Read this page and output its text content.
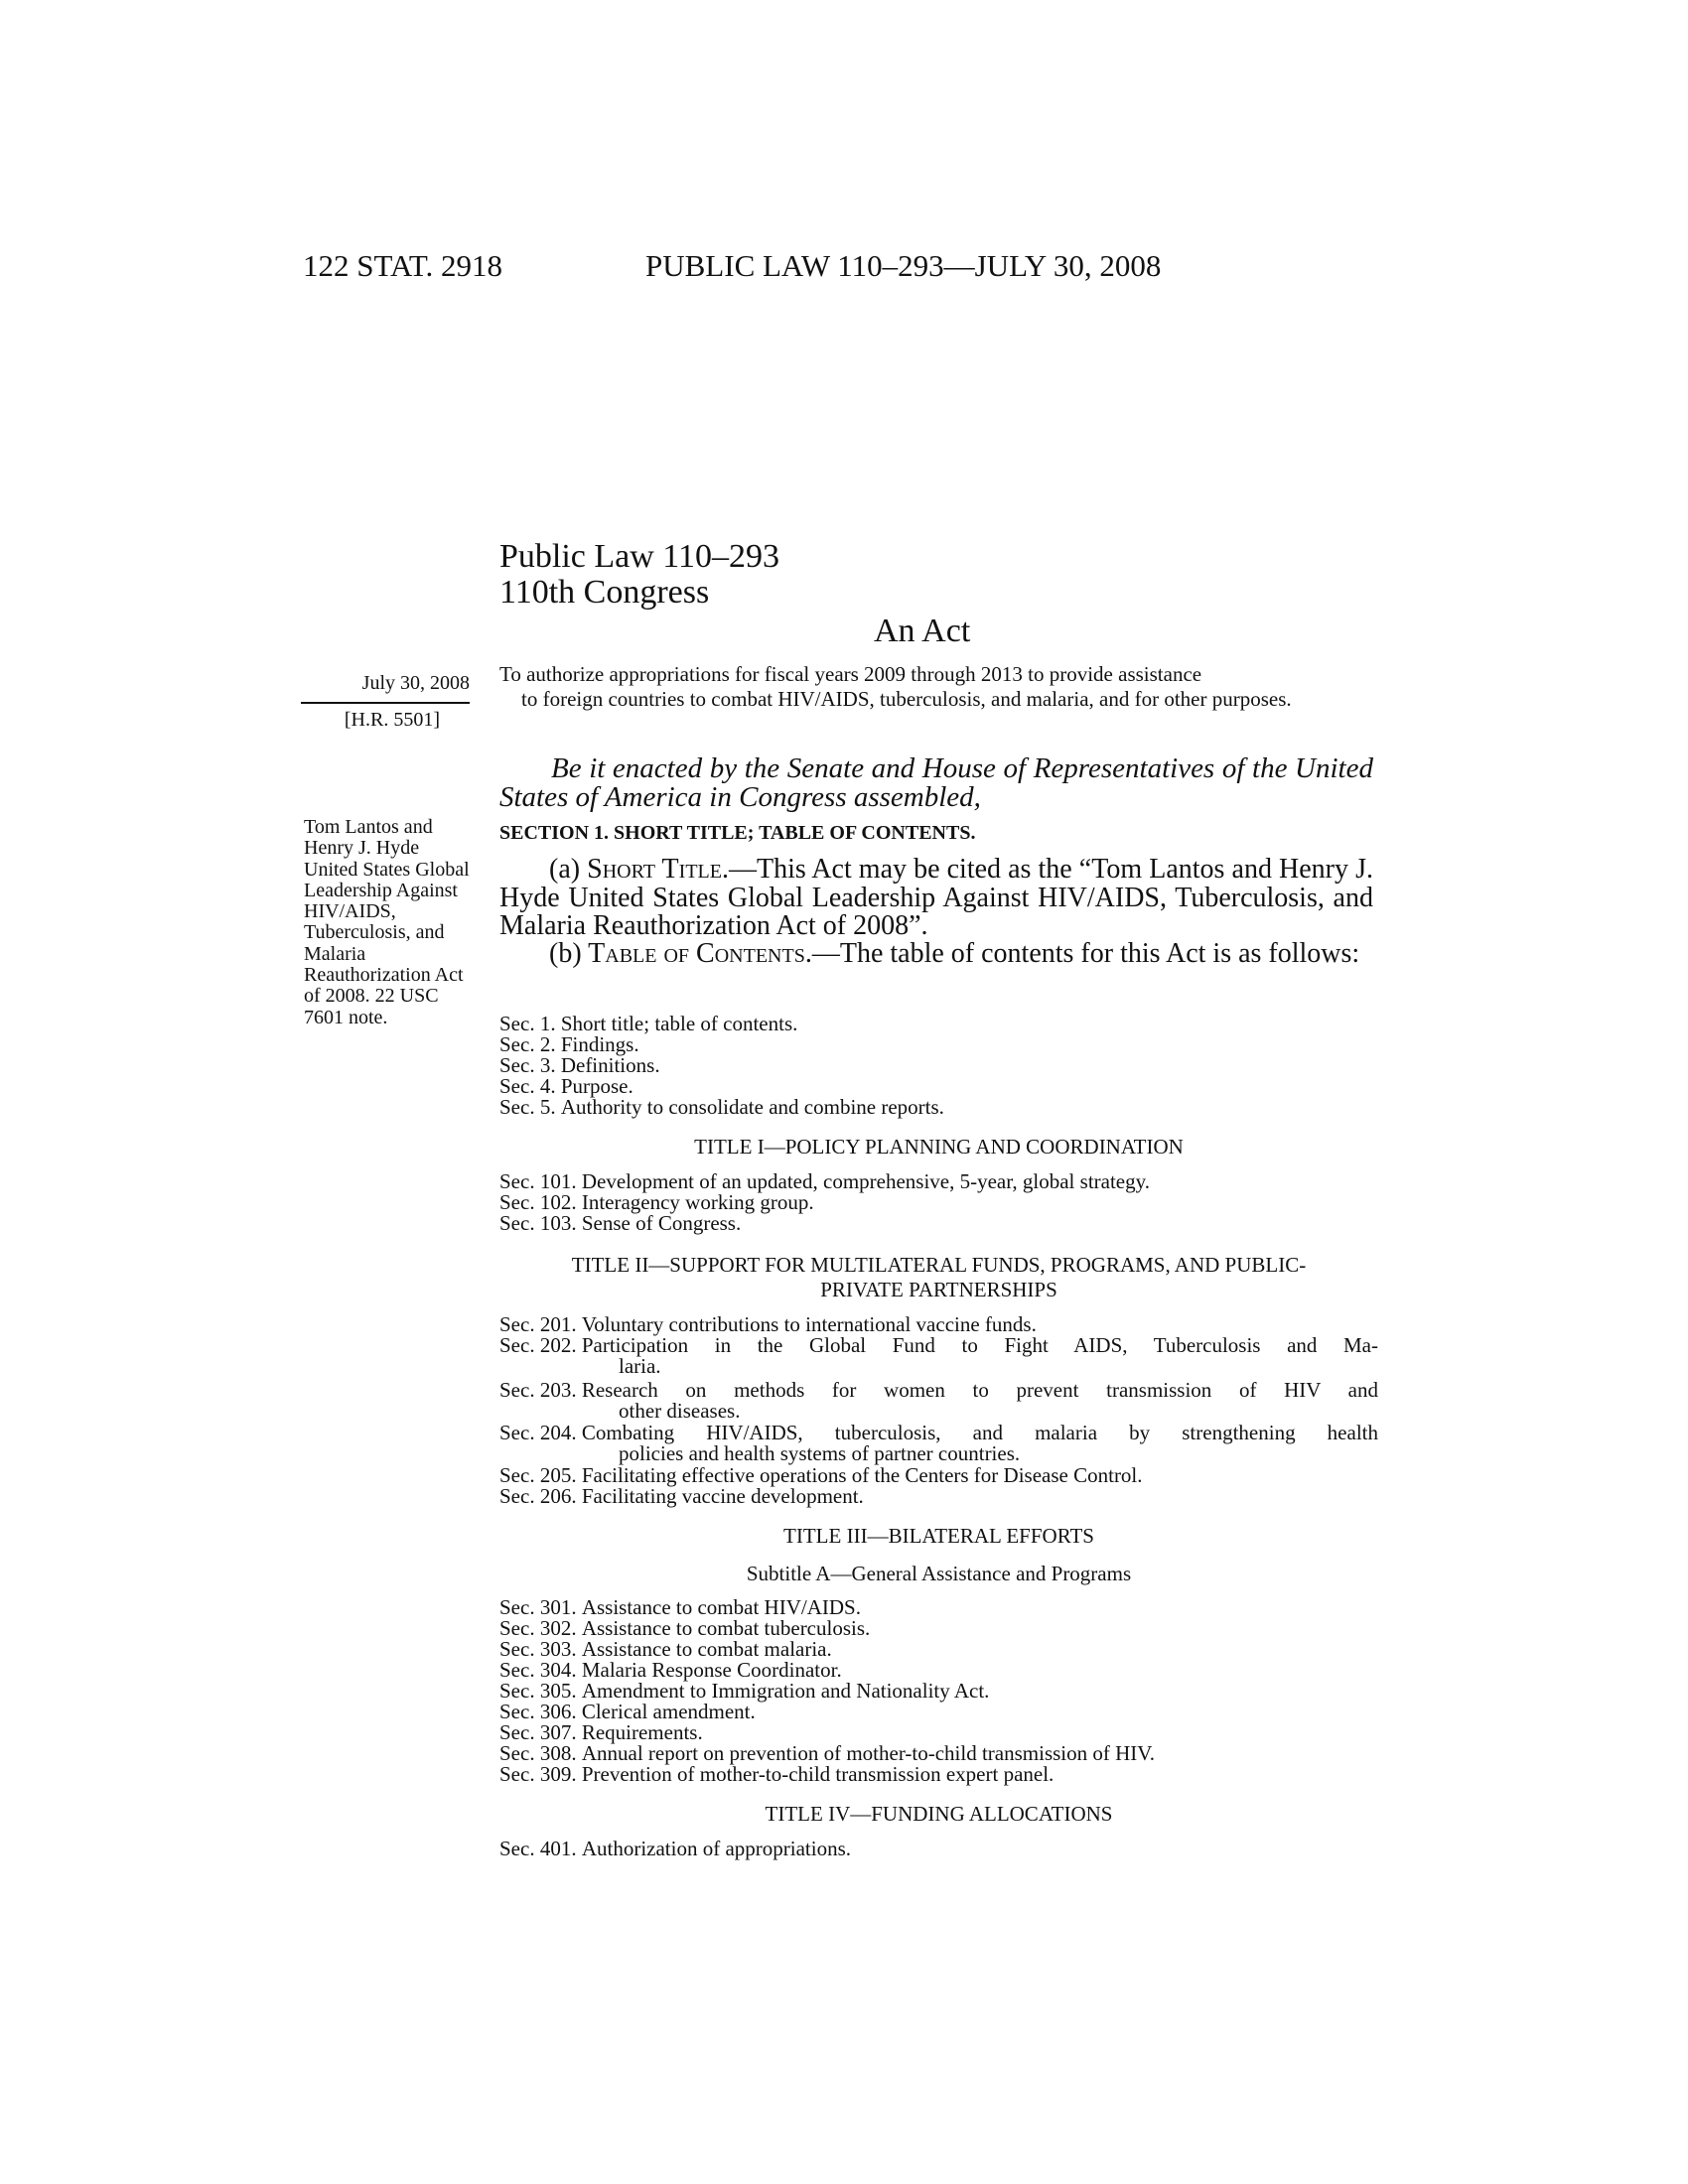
122 STAT. 2918	PUBLIC LAW 110–293—JULY 30, 2008
Public Law 110–293
110th Congress
An Act
July 30, 2008
[H.R. 5501]
Tom Lantos and Henry J. Hyde United States Global Leadership Against HIV/AIDS, Tuberculosis, and Malaria Reauthorization Act of 2008. 22 USC 7601 note.
To authorize appropriations for fiscal years 2009 through 2013 to provide assistance
to foreign countries to combat HIV/AIDS, tuberculosis, and malaria, and for other purposes.
Be it enacted by the Senate and House of Representatives of the United States of America in Congress assembled,
SECTION 1. SHORT TITLE; TABLE OF CONTENTS.
(a) Short Title.—This Act may be cited as the “Tom Lantos and Henry J. Hyde United States Global Leadership Against HIV/AIDS, Tuberculosis, and Malaria Reauthorization Act of 2008”.
(b) Table of Contents.—The table of contents for this Act is as follows:
Sec. 1. Short title; table of contents.
Sec. 2. Findings.
Sec. 3. Definitions.
Sec. 4. Purpose.
Sec. 5. Authority to consolidate and combine reports.
TITLE I—POLICY PLANNING AND COORDINATION
Sec. 101. Development of an updated, comprehensive, 5-year, global strategy.
Sec. 102. Interagency working group.
Sec. 103. Sense of Congress.
TITLE II—SUPPORT FOR MULTILATERAL FUNDS, PROGRAMS, AND PUBLIC-
PRIVATE PARTNERSHIPS
Sec. 201. Voluntary contributions to international vaccine funds.
Sec. 202. Participation in the Global Fund to Fight AIDS, Tuberculosis and Ma-
laria.
Sec. 203. Research on methods for women to prevent transmission of HIV and
other diseases.
Sec. 204. Combating HIV/AIDS, tuberculosis, and malaria by strengthening health
policies and health systems of partner countries.
Sec. 205. Facilitating effective operations of the Centers for Disease Control.
Sec. 206. Facilitating vaccine development.
TITLE III—BILATERAL EFFORTS
Subtitle A—General Assistance and Programs
Sec. 301. Assistance to combat HIV/AIDS.
Sec. 302. Assistance to combat tuberculosis.
Sec. 303. Assistance to combat malaria.
Sec. 304. Malaria Response Coordinator.
Sec. 305. Amendment to Immigration and Nationality Act.
Sec. 306. Clerical amendment.
Sec. 307. Requirements.
Sec. 308. Annual report on prevention of mother-to-child transmission of HIV.
Sec. 309. Prevention of mother-to-child transmission expert panel.
TITLE IV—FUNDING ALLOCATIONS
Sec. 401. Authorization of appropriations.
